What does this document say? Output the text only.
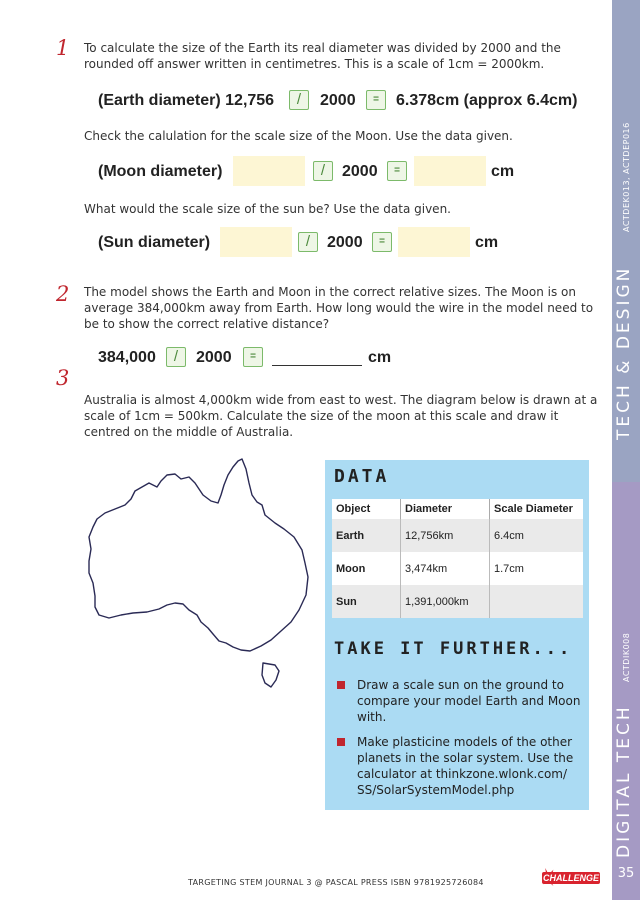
TECH & DESIGN
ACTDEK013, ACTDEP016
DIGITAL TECH
ACTDIK008
35
1 To calculate the size of the Earth its real diameter was divided by 2000 and the rounded off answer written in centimetres. This is a scale of 1cm = 2000km.
(Earth diameter) 12,756	/	2000	=	6.378cm (approx 6.4cm)
Check the calulation for the scale size of the Moon. Use the data given.
(Moon diameter)	/	2000	=	cm
What would the scale size of the sun be? Use the data given.
(Sun diameter)	/	2000	=	cm
2 The model shows the Earth and Moon in the correct relative sizes. The Moon is on average 384,000km away from Earth. How long would the wire in the model need to be to show the correct relative distance?
384,000	/	2000	=	cm
3
Australia is almost 4,000km wide from east to west. The diagram below is drawn at a scale of 1cm = 500km. Calculate the size of the moon at this scale and draw it centred on the middle of Australia.
DATA
Object	Diameter	Scale Diameter
Earth	12,756km	6.4cm
Moon	3,474km	1.7cm
Sun	1,391,000km	
TAKE IT FURTHER...
Draw a scale sun on the ground to compare your model Earth and Moon with.
Make plasticine models of the other planets in the solar system. Use the calculator at thinkzone.wlonk.com/ SS/SolarSystemModel.php
TARGETING STEM JOURNAL 3 @ PASCAL PRESS ISBN 9781925726084	CHALLENGE
